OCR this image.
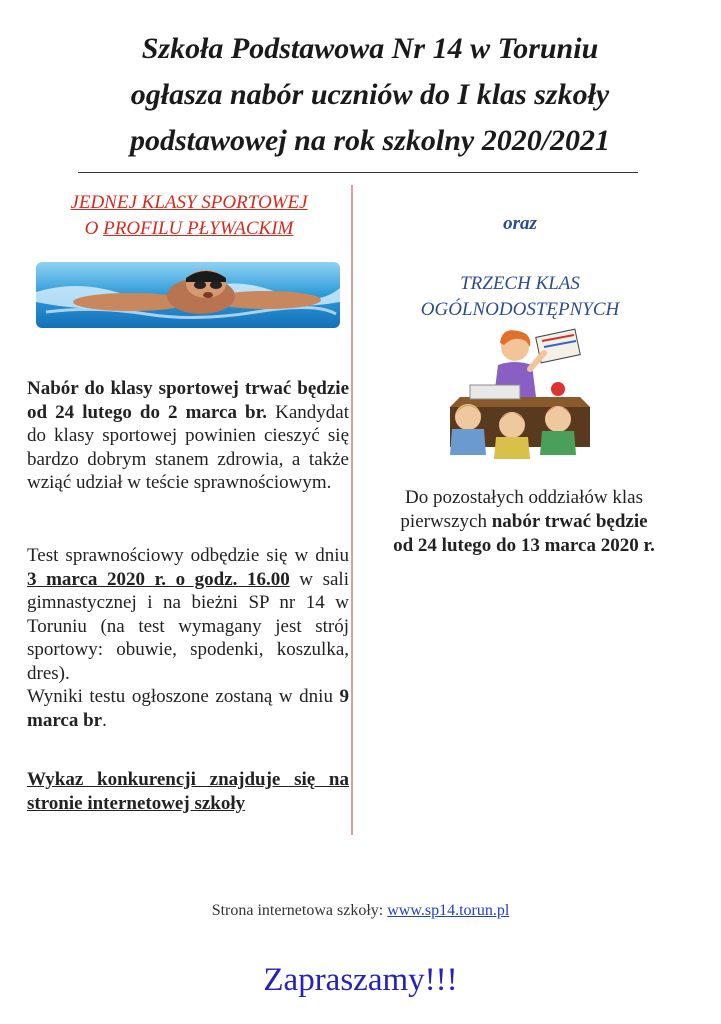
Szkoła Podstawowa Nr 14 w Toruniu
ogłasza nabór uczniów do I klas szkoły
podstawowej na rok szkolny 2020/2021
JEDNEJ KLASY SPORTOWEJ
O PROFILU PŁYWACKIM
Nabór do klasy sportowej trwać będzie od 24 lutego do 2 marca br. Kandydat do klasy sportowej powinien cieszyć się bardzo dobrym stanem zdrowia, a także wziąć udział w teście sprawnościowym.
Test sprawnościowy odbędzie się w dniu 3 marca 2020 r. o godz. 16.00 w sali gimnastycznej i na bieżni SP nr 14 w Toruniu (na test wymagany jest strój sportowy: obuwie, spodenki, koszulka, dres).
Wyniki testu ogłoszone zostaną w dniu 9 marca br.
Wykaz konkurencji znajduje się na stronie internetowej szkoły
oraz
TRZECH KLAS
OGÓLNODOSTĘPNYCH
Do pozostałych oddziałów klas pierwszych nabór trwać będzie
od 24 lutego do 13 marca 2020 r.
Strona internetowa szkoły: www.sp14.torun.pl
Zapraszamy!!!
